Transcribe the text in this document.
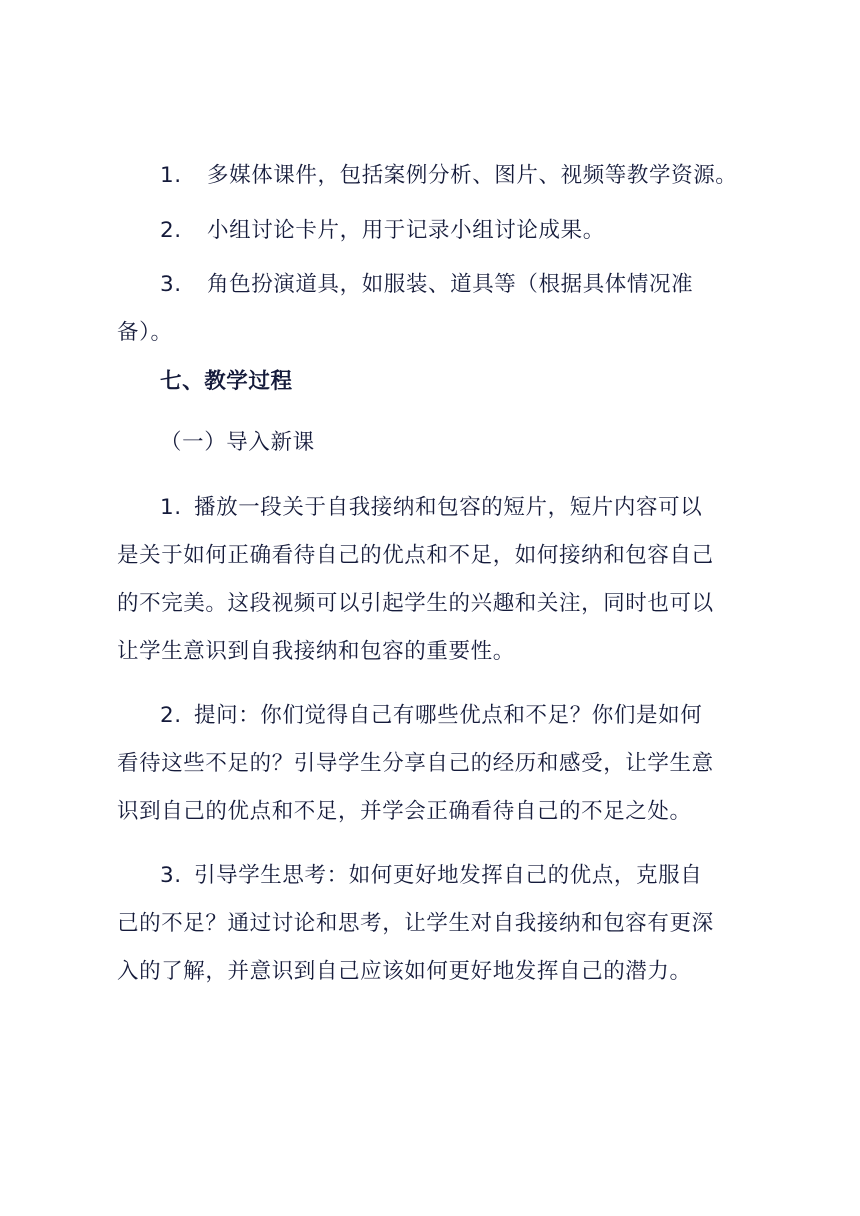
1. 多媒体课件，包括案例分析、图片、视频等教学资源。
2. 小组讨论卡片，用于记录小组讨论成果。
3. 角色扮演道具，如服装、道具等（根据具体情况准
备）。
七、教学过程
（一）导入新课
1. 播放一段关于自我接纳和包容的短片，短片内容可以
是关于如何正确看待自己的优点和不足，如何接纳和包容自己
的不完美。这段视频可以引起学生的兴趣和关注，同时也可以
让学生意识到自我接纳和包容的重要性。
2. 提问：你们觉得自己有哪些优点和不足？你们是如何
看待这些不足的？引导学生分享自己的经历和感受，让学生意
识到自己的优点和不足，并学会正确看待自己的不足之处。
3. 引导学生思考：如何更好地发挥自己的优点，克服自
己的不足？通过讨论和思考，让学生对自我接纳和包容有更深
入的了解，并意识到自己应该如何更好地发挥自己的潜力。
